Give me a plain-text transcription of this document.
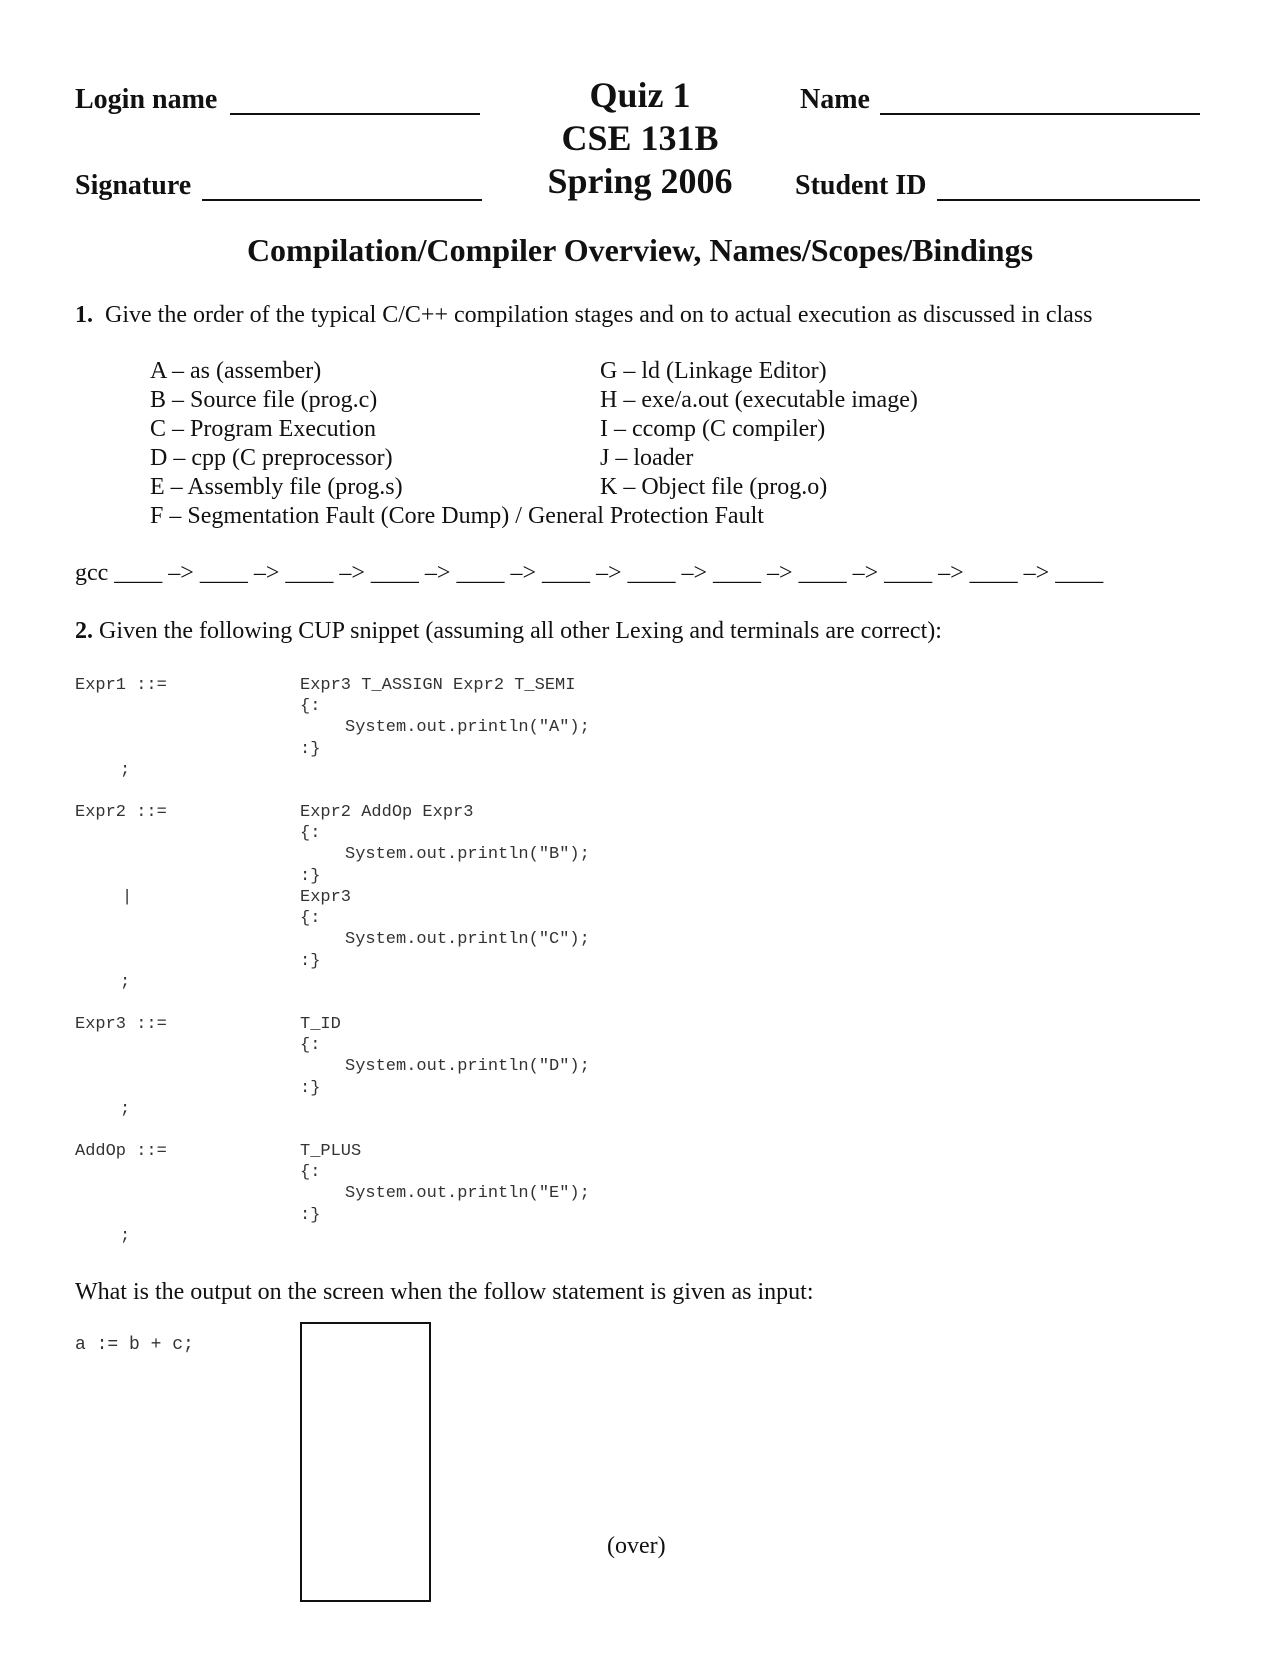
Login name
Signature
Quiz 1
CSE 131B
Spring 2006
Name
Student ID
Compilation/Compiler Overview, Names/Scopes/Bindings
1. Give the order of the typical C/C++ compilation stages and on to actual execution as discussed in class
A – as (assember)
B – Source file (prog.c)
C – Program Execution
D – cpp (C preprocessor)
E – Assembly file (prog.s)
F – Segmentation Fault (Core Dump) / General Protection Fault
G – ld (Linkage Editor)
H – exe/a.out (executable image)
I – ccomp (C compiler)
J – loader
K – Object file (prog.o)
gcc ____ –> ____ –> ____ –> ____ –> ____ –> ____ –> ____ –> ____ –> ____ –> ____ –> ____ –> ____
2. Given the following CUP snippet (assuming all other Lexing and terminals are correct):
Expr1 ::=	Expr3 T_ASSIGN Expr2 T_SEMI
{:
System.out.println("A");
:}
;
Expr2 ::=	Expr2 AddOp Expr3
{:
System.out.println("B");
:}
|	Expr3
{:
System.out.println("C");
:}
;
Expr3 ::=	T_ID
{:
System.out.println("D");
:}
;
AddOp ::=	T_PLUS
{:
System.out.println("E");
:}
;
What is the output on the screen when the follow statement is given as input:
a := b + c;
(over)
